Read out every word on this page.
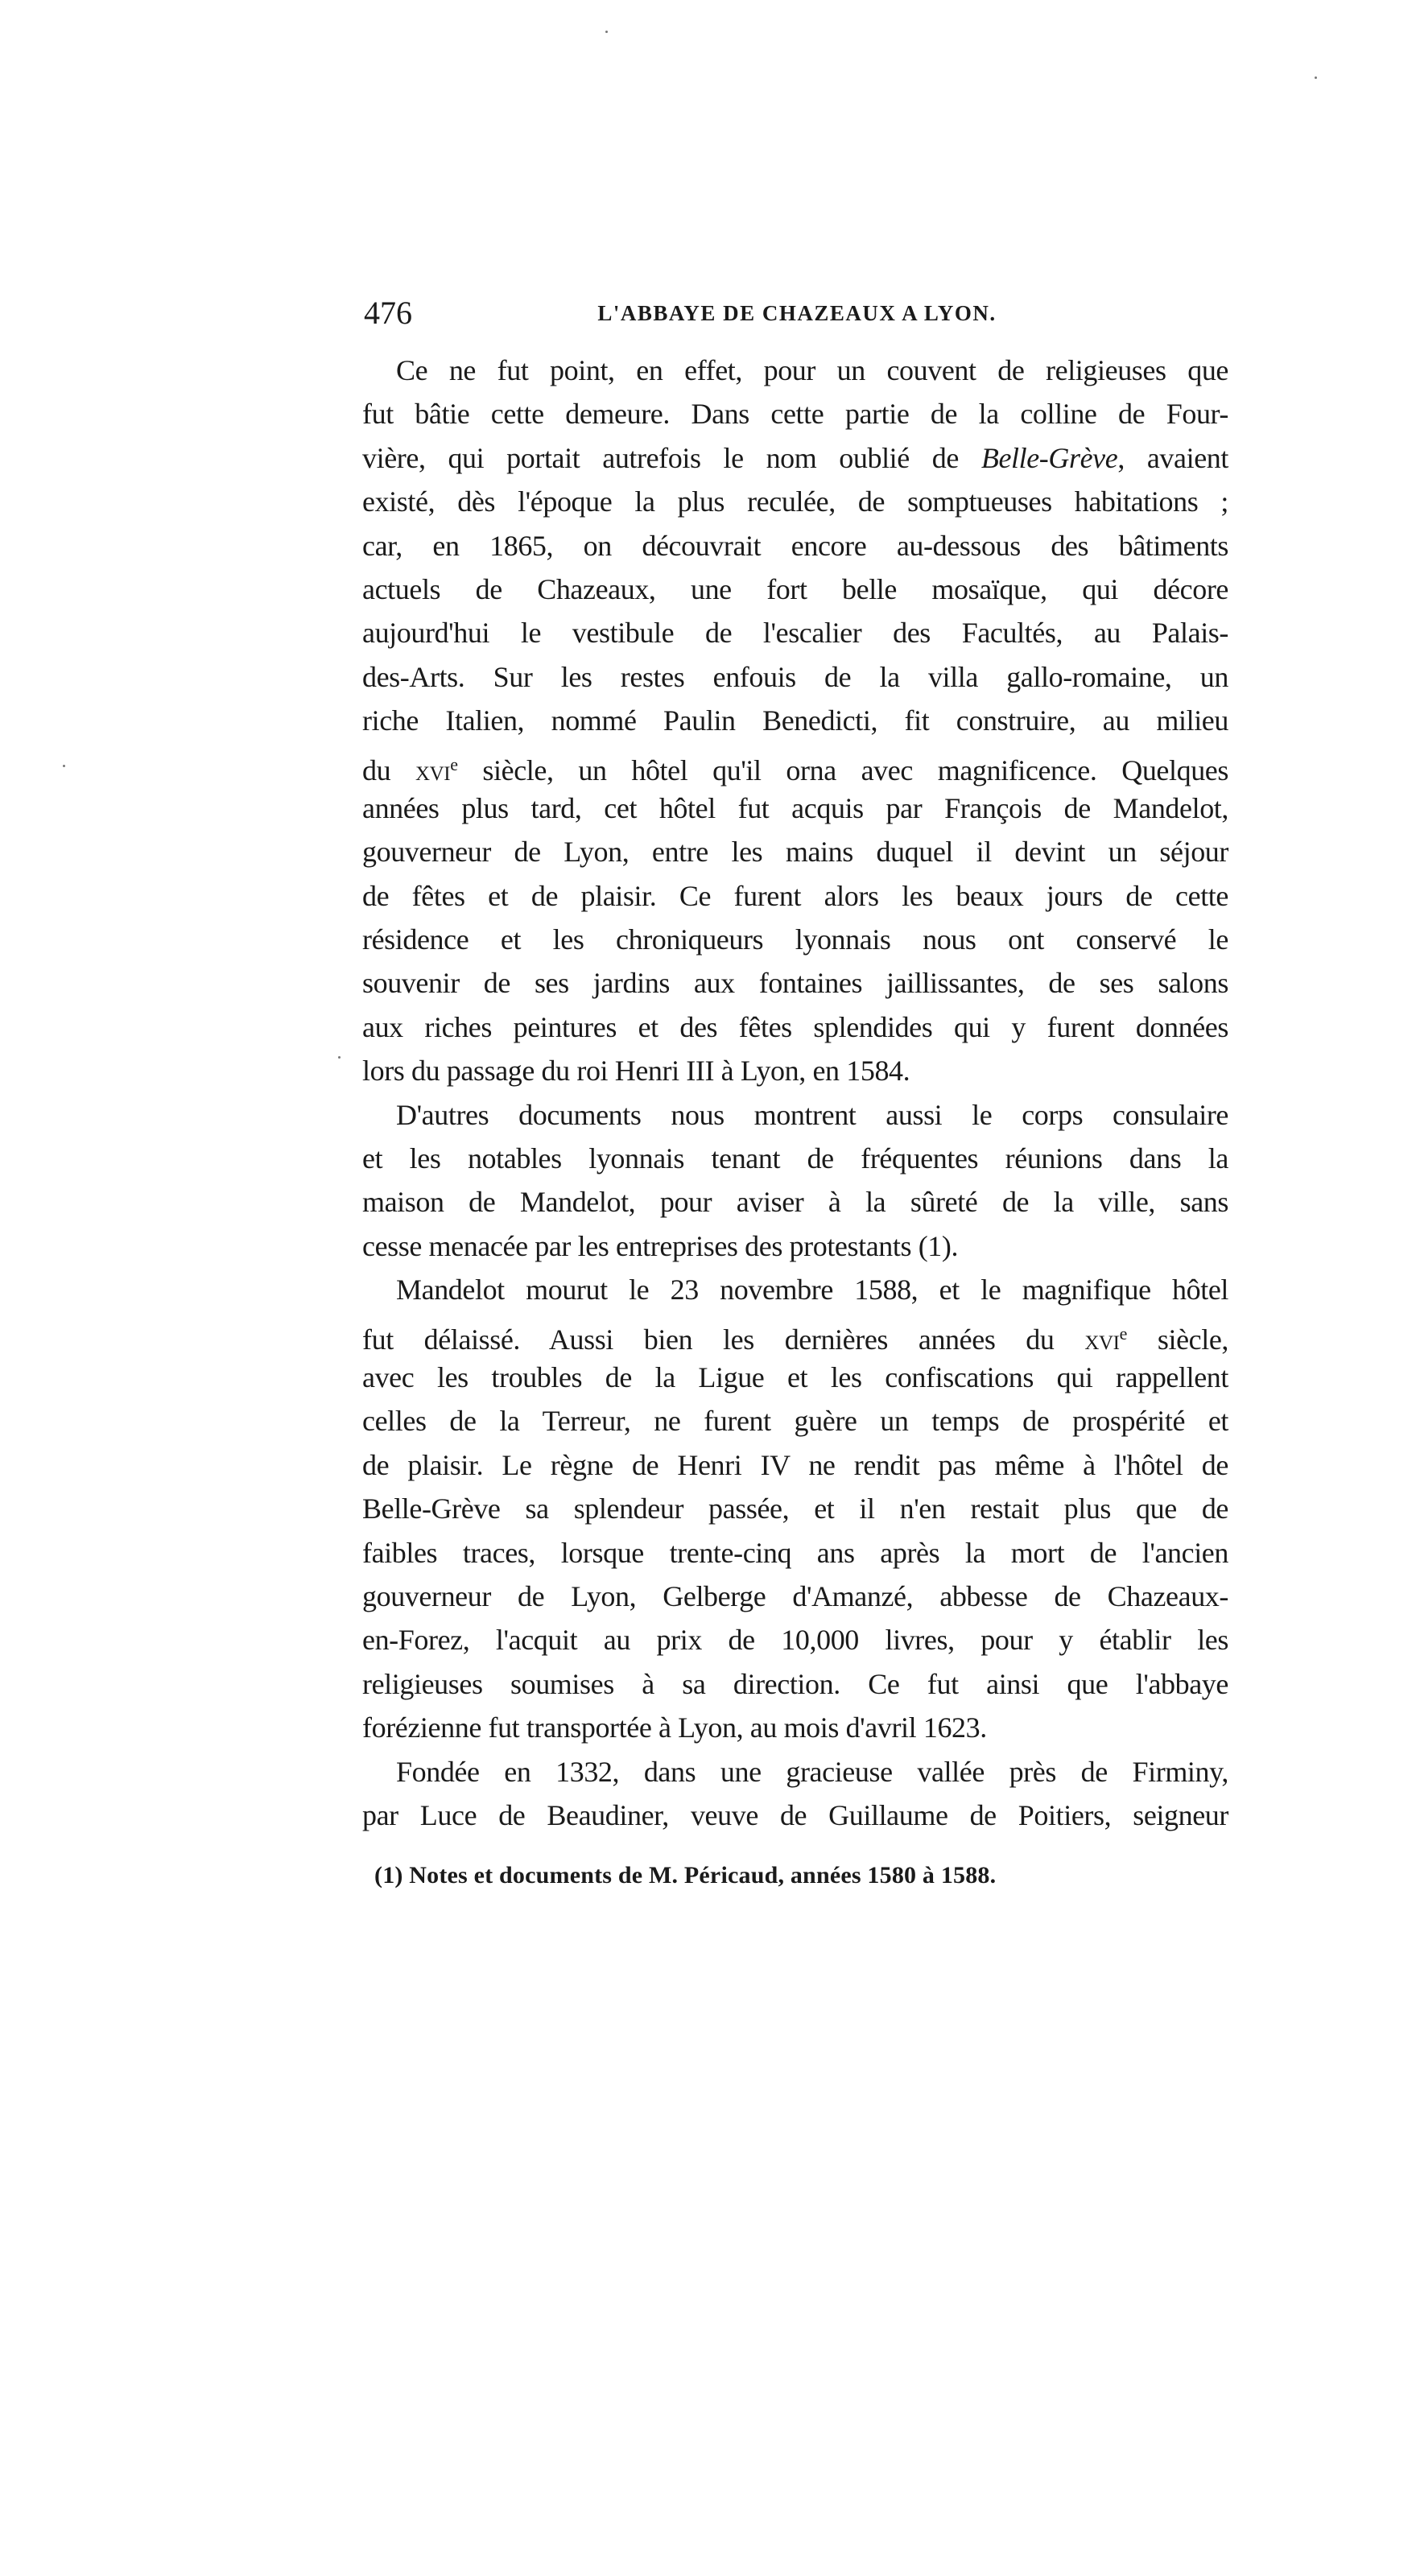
476	L'ABBAYE DE CHAZEAUX A LYON.
Ce ne fut point, en effet, pour un couvent de religieuses que
fut bâtie cette demeure. Dans cette partie de la colline de Four-
vière, qui portait autrefois le nom oublié de Belle-Grève, avaient
existé, dès l'époque la plus reculée, de somptueuses habitations ;
car, en 1865, on découvrait encore au-dessous des bâtiments
actuels de Chazeaux, une fort belle mosaïque, qui décore
aujourd'hui le vestibule de l'escalier des Facultés, au Palais-
des-Arts. Sur les restes enfouis de la villa gallo-romaine, un
riche Italien, nommé Paulin Benedicti, fit construire, au milieu
du xvi$^e$ siècle, un hôtel qu'il orna avec magnificence. Quelques
années plus tard, cet hôtel fut acquis par François de Mandelot,
gouverneur de Lyon, entre les mains duquel il devint un séjour
de fêtes et de plaisir. Ce furent alors les beaux jours de cette
résidence et les chroniqueurs lyonnais nous ont conservé le
souvenir de ses jardins aux fontaines jaillissantes, de ses salons
aux riches peintures et des fêtes splendides qui y furent données
lors du passage du roi Henri III à Lyon, en 1584.
D'autres documents nous montrent aussi le corps consulaire
et les notables lyonnais tenant de fréquentes réunions dans la
maison de Mandelot, pour aviser à la sûreté de la ville, sans
cesse menacée par les entreprises des protestants (1).
Mandelot mourut le 23 novembre 1588, et le magnifique hôtel
fut délaissé. Aussi bien les dernières années du xvi$^e$ siècle,
avec les troubles de la Ligue et les confiscations qui rappellent
celles de la Terreur, ne furent guère un temps de prospérité et
de plaisir. Le règne de Henri IV ne rendit pas même à l'hôtel de
Belle-Grève sa splendeur passée, et il n'en restait plus que de
faibles traces, lorsque trente-cinq ans après la mort de l'ancien
gouverneur de Lyon, Gelberge d'Amanzé, abbesse de Chazeaux-
en-Forez, l'acquit au prix de 10,000 livres, pour y établir les
religieuses soumises à sa direction. Ce fut ainsi que l'abbaye
forézienne fut transportée à Lyon, au mois d'avril 1623.
Fondée en 1332, dans une gracieuse vallée près de Firminy,
par Luce de Beaudiner, veuve de Guillaume de Poitiers, seigneur
(1) Notes et documents de M. Péricaud, années 1580 à 1588.
